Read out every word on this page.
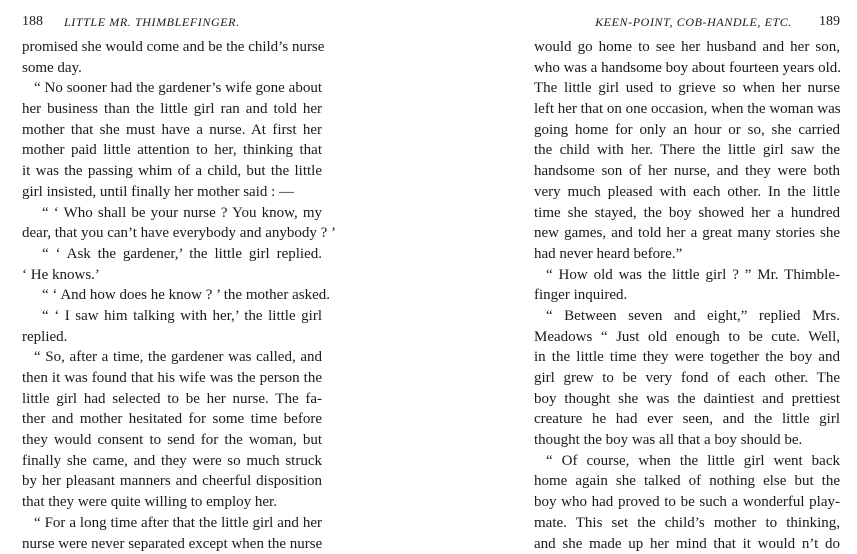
188 LITTLE MR. THIMBLEFINGER.
promised she would come and be the child’s nurse
some day.
“ No sooner had the gardener’s wife gone about
her business than the little girl ran and told her
mother that she must have a nurse. At first her
mother paid little attention to her, thinking that
it was the passing whim of a child, but the little
girl insisted, until finally her mother said : —
“ ‘ Who shall be your nurse ? You know, my
dear, that you can’t have everybody and anybody ? ’
“ ‘ Ask the gardener,’ the little girl replied.
‘ He knows.’
“ ‘ And how does he know ? ’ the mother asked.
“ ‘ I saw him talking with her,’ the little girl
replied.
“ So, after a time, the gardener was called, and
then it was found that his wife was the person the
little girl had selected to be her nurse. The fa-
ther and mother hesitated for some time before
they would consent to send for the woman, but
finally she came, and they were so much struck
by her pleasant manners and cheerful disposition
that they were quite willing to employ her.
“ For a long time after that the little girl and her
nurse were never separated except when the nurse
KEEN-POINT, COB-HANDLE, ETC. 189
would go home to see her husband and her son,
who was a handsome boy about fourteen years old.
The little girl used to grieve so when her nurse
left her that on one occasion, when the woman was
going home for only an hour or so, she carried
the child with her. There the little girl saw the
handsome son of her nurse, and they were both
very much pleased with each other. In the little
time she stayed, the boy showed her a hundred
new games, and told her a great many stories she
had never heard before.”
“ How old was the little girl ? ” Mr. Thimble-
finger inquired.
“ Between seven and eight,” replied Mrs.
Meadows “ Just old enough to be cute. Well,
in the little time they were together the boy and
girl grew to be very fond of each other. The
boy thought she was the daintiest and prettiest
creature he had ever seen, and the little girl
thought the boy was all that a boy should be.
“ Of course, when the little girl went back
home again she talked of nothing else but the
boy who had proved to be such a wonderful play-
mate. This set the child’s mother to thinking,
and she made up her mind that it would n’t do
